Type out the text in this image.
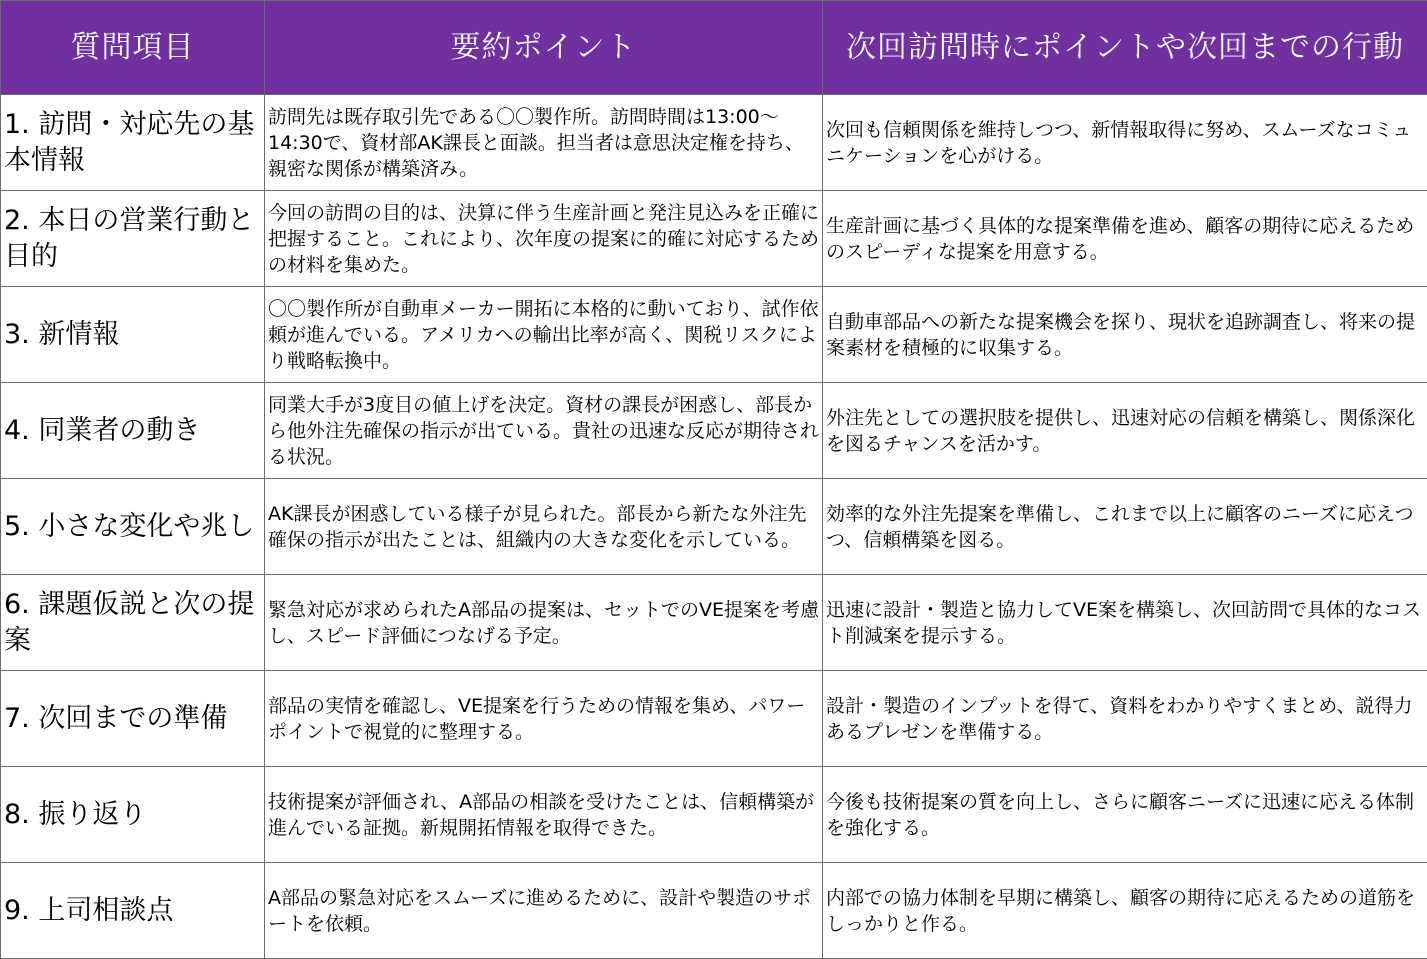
質問項目	要約ポイント	次回訪問時にポイントや次回までの行動
1. 訪問・対応先の基本情報	訪問先は既存取引先である〇〇製作所。訪問時間は13:00〜14:30で、資材部AK課長と面談。担当者は意思決定権を持ち、親密な関係が構築済み。	次回も信頼関係を維持しつつ、新情報取得に努め、スムーズなコミュニケーションを心がける。
2. 本日の営業行動と目的	今回の訪問の目的は、決算に伴う生産計画と発注見込みを正確に把握すること。これにより、次年度の提案に的確に対応するための材料を集めた。	生産計画に基づく具体的な提案準備を進め、顧客の期待に応えるためのスピーディな提案を用意する。
3. 新情報	〇〇製作所が自動車メーカー開拓に本格的に動いており、試作依頼が進んでいる。アメリカへの輸出比率が高く、関税リスクにより戦略転換中。	自動車部品への新たな提案機会を探り、現状を追跡調査し、将来の提案素材を積極的に収集する。
4. 同業者の動き	同業大手が3度目の値上げを決定。資材の課長が困惑し、部長から他外注先確保の指示が出ている。貴社の迅速な反応が期待される状況。	外注先としての選択肢を提供し、迅速対応の信頼を構築し、関係深化を図るチャンスを活かす。
5. 小さな変化や兆し	AK課長が困惑している様子が見られた。部長から新たな外注先確保の指示が出たことは、組織内の大きな変化を示している。	効率的な外注先提案を準備し、これまで以上に顧客のニーズに応えつつ、信頼構築を図る。
6. 課題仮説と次の提案	緊急対応が求められたA部品の提案は、セットでのVE提案を考慮し、スピード評価につなげる予定。	迅速に設計・製造と協力してVE案を構築し、次回訪問で具体的なコスト削減案を提示する。
7. 次回までの準備	部品の実情を確認し、VE提案を行うための情報を集め、パワーポイントで視覚的に整理する。	設計・製造のインプットを得て、資料をわかりやすくまとめ、説得力あるプレゼンを準備する。
8. 振り返り	技術提案が評価され、A部品の相談を受けたことは、信頼構築が進んでいる証拠。新規開拓情報を取得できた。	今後も技術提案の質を向上し、さらに顧客ニーズに迅速に応える体制を強化する。
9. 上司相談点	A部品の緊急対応をスムーズに進めるために、設計や製造のサポートを依頼。	内部での協力体制を早期に構築し、顧客の期待に応えるための道筋をしっかりと作る。
